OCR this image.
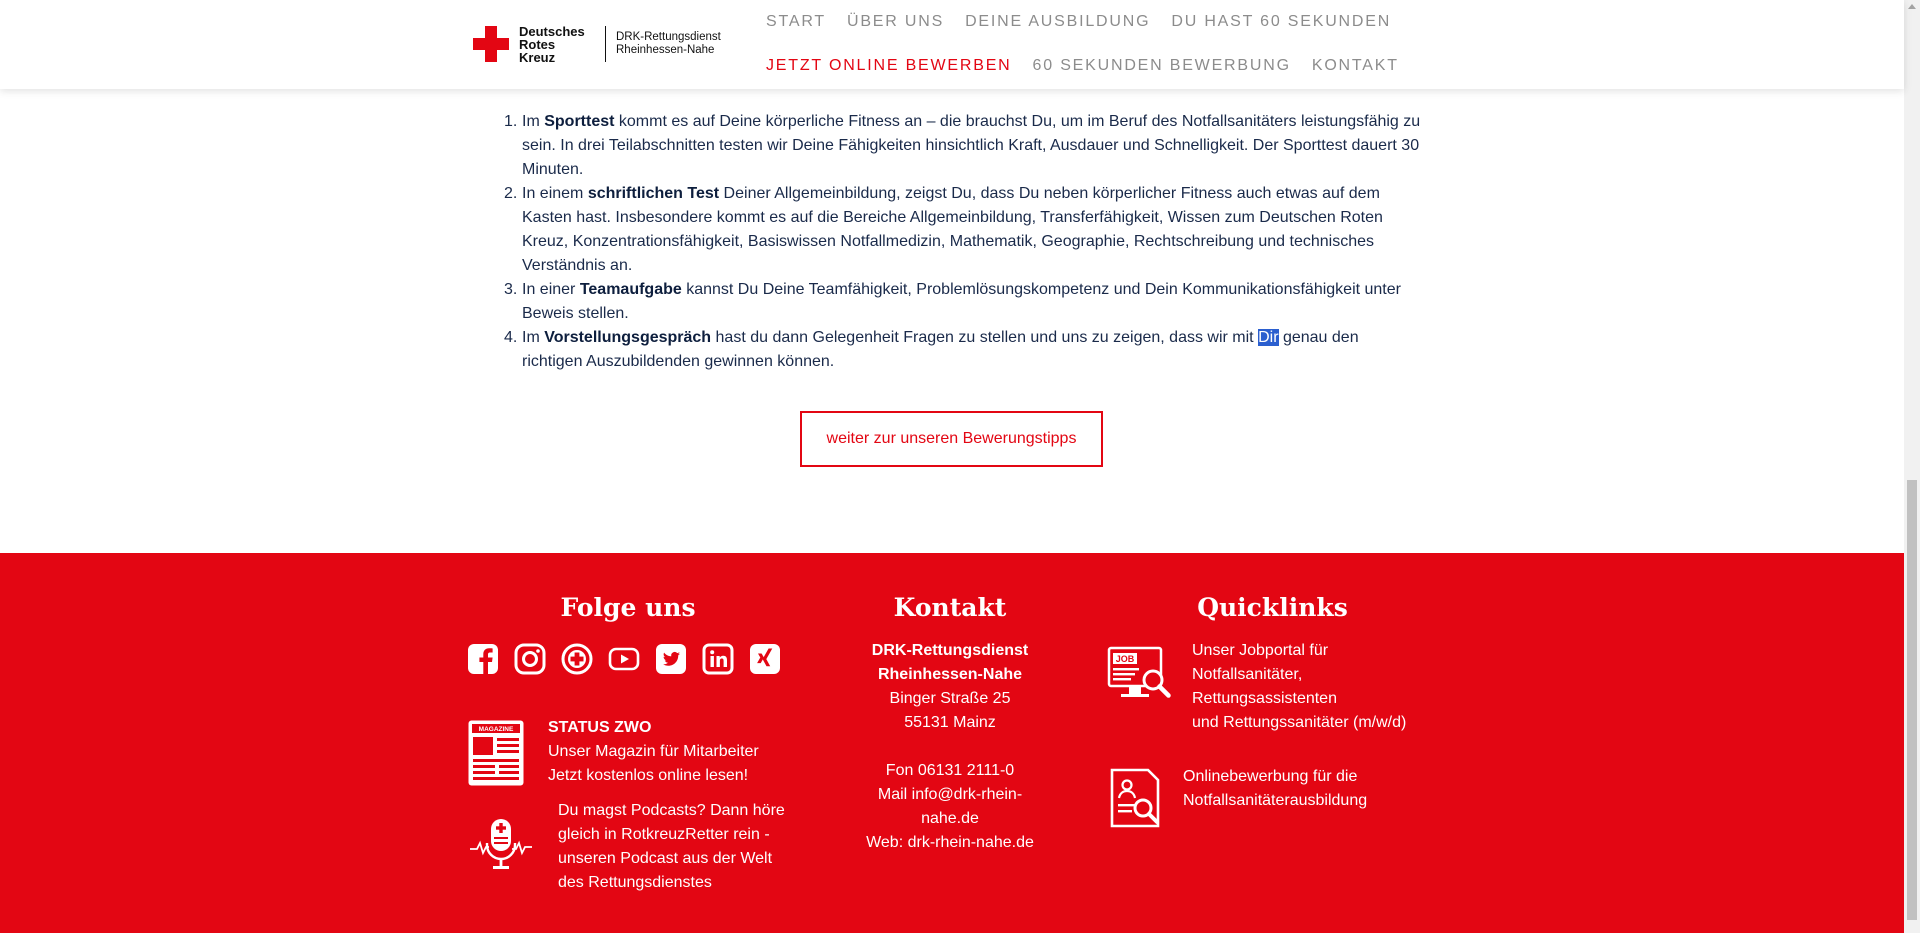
Deutsches
Rotes
Kreuz
DRK-Rettungsdienst
Rheinhessen-Nahe
START ÜBER UNS DEINE AUSBILDUNG DU HAST 60 SEKUNDEN
JETZT ONLINE BEWERBEN 60 SEKUNDEN BEWERBUNG KONTAKT
1. Im Sporttest kommt es auf Deine körperliche Fitness an – die brauchst Du, um im Beruf des Notfallsanitäters leistungsfähig zu sein. In drei Teilabschnitten testen wir Deine Fähigkeiten hinsichtlich Kraft, Ausdauer und Schnelligkeit. Der Sporttest dauert 30 Minuten.
2. In einem schriftlichen Test Deiner Allgemeinbildung, zeigst Du, dass Du neben körperlicher Fitness auch etwas auf dem Kasten hast. Insbesondere kommt es auf die Bereiche Allgemeinbildung, Transferfähigkeit, Wissen zum Deutschen Roten Kreuz, Konzentrationsfähigkeit, Basiswissen Notfallmedizin, Mathematik, Geographie, Rechtschreibung und technisches Verständnis an.
3. In einer Teamaufgabe kannst Du Deine Teamfähigkeit, Problemlösungskompetenz und Dein Kommunikationsfähigkeit unter Beweis stellen.
4. Im Vorstellungsgespräch hast du dann Gelegenheit Fragen zu stellen und uns zu zeigen, dass wir mit Dir genau den richtigen Auszubildenden gewinnen können.
weiter zur unseren Bewerungstipps
Folge uns
MAGAZINE STATUS ZWO
Unser Magazin für Mitarbeiter
Jetzt kostenlos online lesen!
Du magst Podcasts? Dann höre
gleich in RotkreuzRetter rein -
unseren Podcast aus der Welt
des Rettungsdienstes
Kontakt
DRK-Rettungsdienst
Rheinhessen-Nahe
Binger Straße 25
55131 Mainz
Fon 06131 2111-0
Mail info@drk-rhein-nahe.de
Web: drk-rhein-nahe.de
Quicklinks
JOB	Unser Jobportal für
Notfallsanitäter,
Rettungsassistenten
und Rettungssanitäter (m/w/d)
Onlinebewerbung für die
Notfallsanitäterausbildung
